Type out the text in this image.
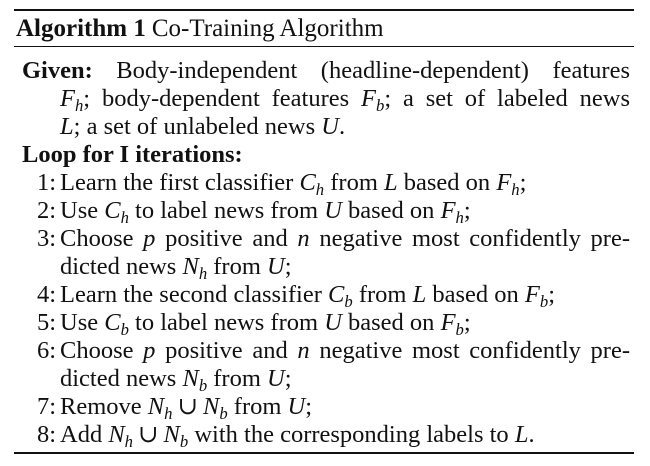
Algorithm 1 Co-Training Algorithm
Given: Body-independent (headline-dependent) features
$F_h$; body-dependent features $F_b$; a set of labeled news
L; a set of unlabeled news U.
Loop for I iterations:
1: Learn the first classifier $C_h$ from L based on $F_h$;
2: Use $C_h$ to label news from U based on $F_h$;
3: Choose p positive and n negative most confidently pre-
dicted news $N_h$ from U;
4: Learn the second classifier $C_b$ from L based on $F_b$;
5: Use $C_b$ to label news from U based on $F_b$;
6: Choose p positive and n negative most confidently pre-
dicted news $N_b$ from U;
7: Remove $N_h$ ∪ $N_b$ from U;
8: Add $N_h$ ∪ $N_b$ with the corresponding labels to L.
